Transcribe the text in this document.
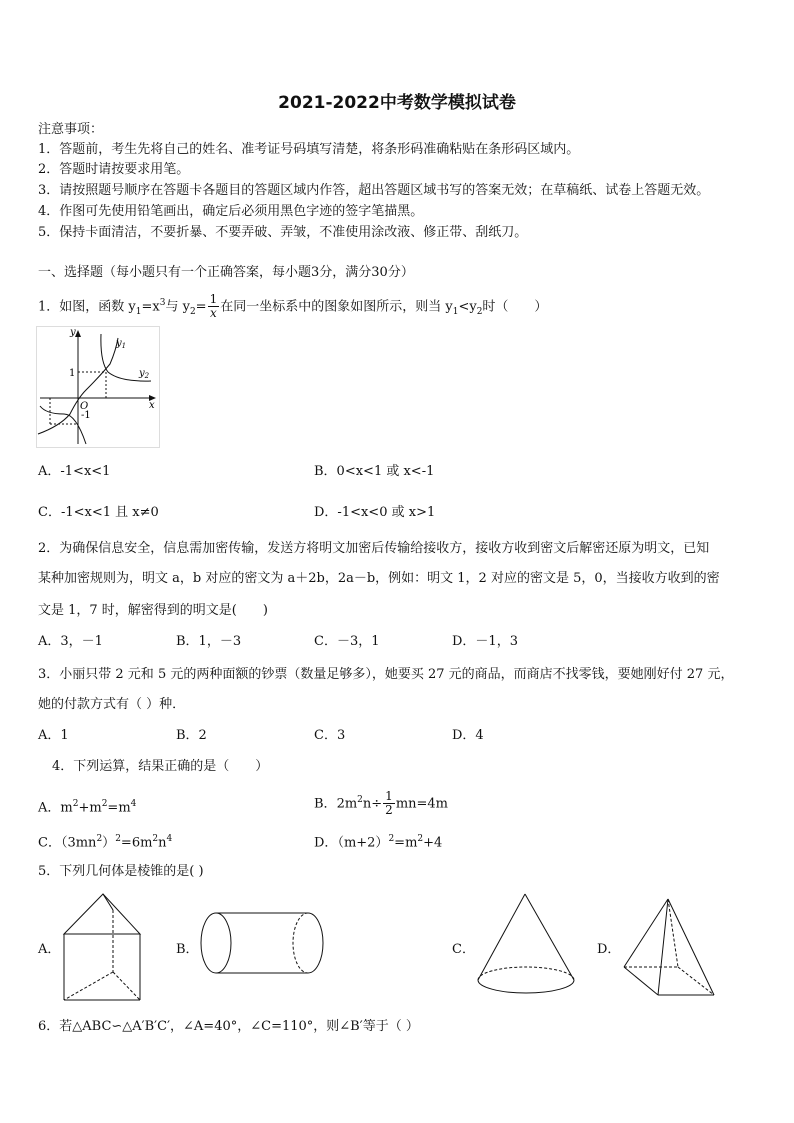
2021-2022中考数学模拟试卷
注意事项：
1．答题前，考生先将自己的姓名、准考证号码填写清楚，将条形码准确粘贴在条形码区域内。
2．答题时请按要求用笔。
3．请按照题号顺序在答题卡各题目的答题区域内作答，超出答题区域书写的答案无效；在草稿纸、试卷上答题无效。
4．作图可先使用铅笔画出，确定后必须用黑色字迹的签字笔描黑。
5．保持卡面清洁，不要折暴、不要弄破、弄皱，不准使用涂改液、修正带、刮纸刀。
一、选择题（每小题只有一个正确答案，每小题3分，满分30分）
1．如图，函数 $y_1=x^3$与 $y_2= \frac{1}{x}$ 在同一坐标系中的图象如图所示，则当 $y_1<y_2$时（　　）
y
x
O
1
-1
$y_1$
$y_2$
A．-1<x<1	B．0<x<1 或 x<-1
C．-1<x<1 且 x≠0	D．-1<x<0 或 x>1
2．为确保信息安全，信息需加密传输，发送方将明文加密后传输给接收方，接收方收到密文后解密还原为明文，已知
某种加密规则为，明文 a，b 对应的密文为 a＋2b，2a－b，例如：明文 1，2 对应的密文是 5，0，当接收方收到的密
文是 1，7 时，解密得到的明文是(　　)
A．3，－1	B．1，－3	C．－3，1	D．－1，3
3．小丽只带 2 元和 5 元的两种面额的钞票（数量足够多），她要买 27 元的商品，而商店不找零钱，要她刚好付 27 元，
她的付款方式有（ ）种．
A．1	B．2	C．3	D．4
4．下列运算，结果正确的是（　　）
A．$m^2+m^2=m^4$	B．$2m^2n\div \frac{1}{2} mn=4m$
C．$(3mn^2)^2=6m^2n^4$	D．$(m+2)^2=m^2+4$
5．下列几何体是棱锥的是( )
A．	B．	C．	D．
6．若△ABC∽△A′B′C′，∠A=40°，∠C=110°，则∠B′等于（ ）
